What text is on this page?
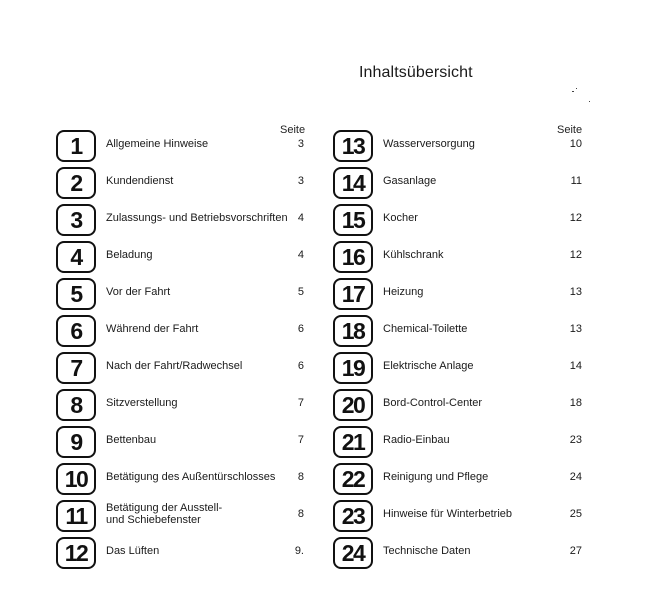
Inhaltsübersicht
Seite	Seite
1	Allgemeine Hinweise	3
2	Kundendienst	3
3	Zulassungs- und Betriebsvorschriften 4
4	Beladung	4
5	Vor der Fahrt	5
6	Während der Fahrt	6
7	Nach der Fahrt/Radwechsel	6
8	Sitzverstellung	7
9	Bettenbau	7
10	Betätigung des Außentürschlosses	8
11	Betätigung der Ausstell-
und Schiebefenster	8
12	Das Lüften	9.
13	Wasserversorgung	10
14	Gasanlage	11
15	Kocher	12
16	Kühlschrank	12
17	Heizung	13
18	Chemical-Toilette	13
19	Elektrische Anlage	14
20	Bord-Control-Center	18
21	Radio-Einbau	23
22	Reinigung und Pflege	24
23	Hinweise für Winterbetrieb	25
24	Technische Daten	27
